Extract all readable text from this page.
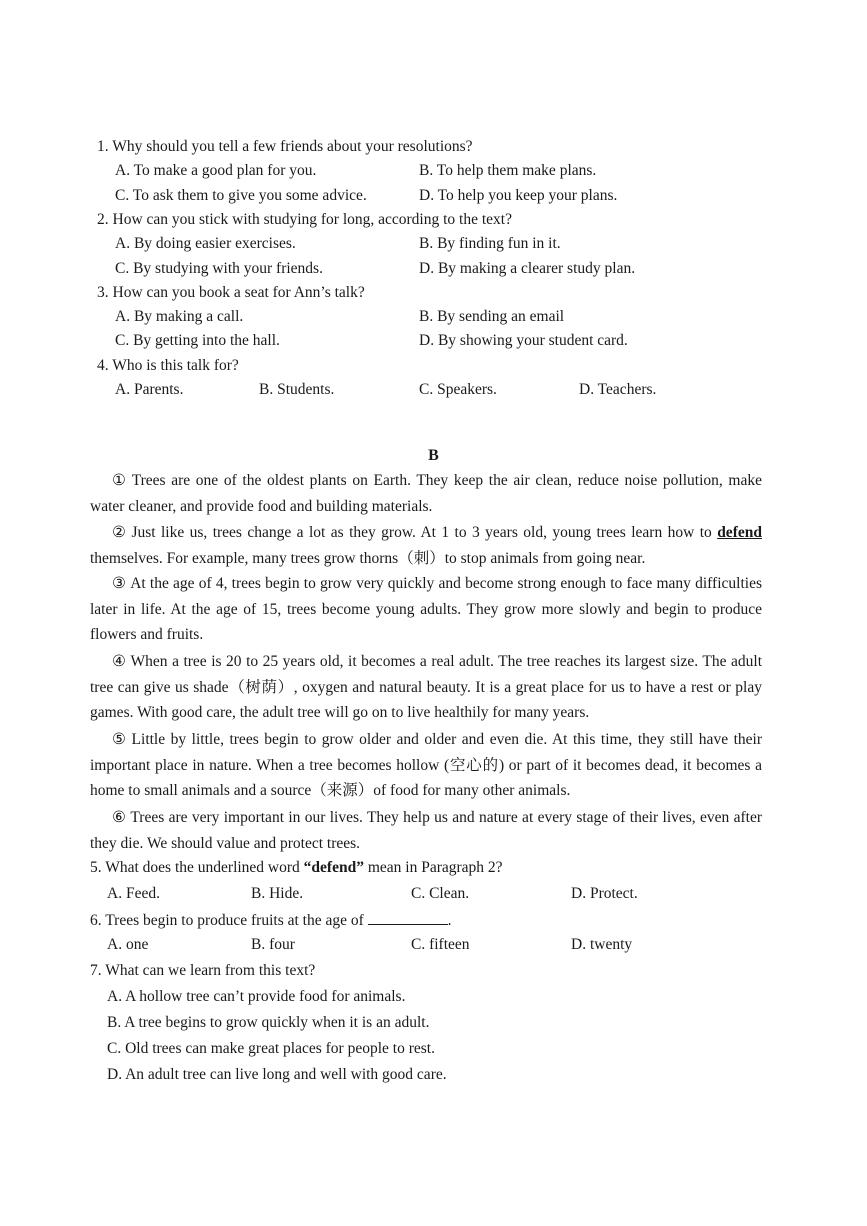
1. Why should you tell a few friends about your resolutions?
A. To make a good plan for you.	B. To help them make plans.
C. To ask them to give you some advice.	D. To help you keep your plans.
2. How can you stick with studying for long, according to the text?
A. By doing easier exercises.	B. By finding fun in it.
C. By studying with your friends.	D. By making a clearer study plan.
3. How can you book a seat for Ann’s talk?
A. By making a call.	B. By sending an email
C. By getting into the hall.	D. By showing your student card.
4. Who is this talk for?
A. Parents.	B. Students.	C. Speakers.	D. Teachers.
B
① Trees are one of the oldest plants on Earth. They keep the air clean, reduce noise pollution, make water cleaner, and provide food and building materials.
② Just like us, trees change a lot as they grow. At 1 to 3 years old, young trees learn how to defend themselves. For example, many trees grow thorns（刺）to stop animals from going near.
③ At the age of 4, trees begin to grow very quickly and become strong enough to face many difficulties later in life. At the age of 15, trees become young adults. They grow more slowly and begin to produce flowers and fruits.
④ When a tree is 20 to 25 years old, it becomes a real adult. The tree reaches its largest size. The adult tree can give us shade（树荫）, oxygen and natural beauty. It is a great place for us to have a rest or play games. With good care, the adult tree will go on to live healthily for many years.
⑤ Little by little, trees begin to grow older and older and even die. At this time, they still have their important place in nature. When a tree becomes hollow (空心的) or part of it becomes dead, it becomes a home to small animals and a source（来源）of food for many other animals.
⑥ Trees are very important in our lives. They help us and nature at every stage of their lives, even after they die. We should value and protect trees.
5. What does the underlined word “defend” mean in Paragraph 2?
A. Feed.	B. Hide.	C. Clean.	D. Protect.
6. Trees begin to produce fruits at the age of	.
A. one	B. four	C. fifteen	D. twenty
7. What can we learn from this text?
A. A hollow tree can’t provide food for animals.
B. A tree begins to grow quickly when it is an adult.
C. Old trees can make great places for people to rest.
D. An adult tree can live long and well with good care.
